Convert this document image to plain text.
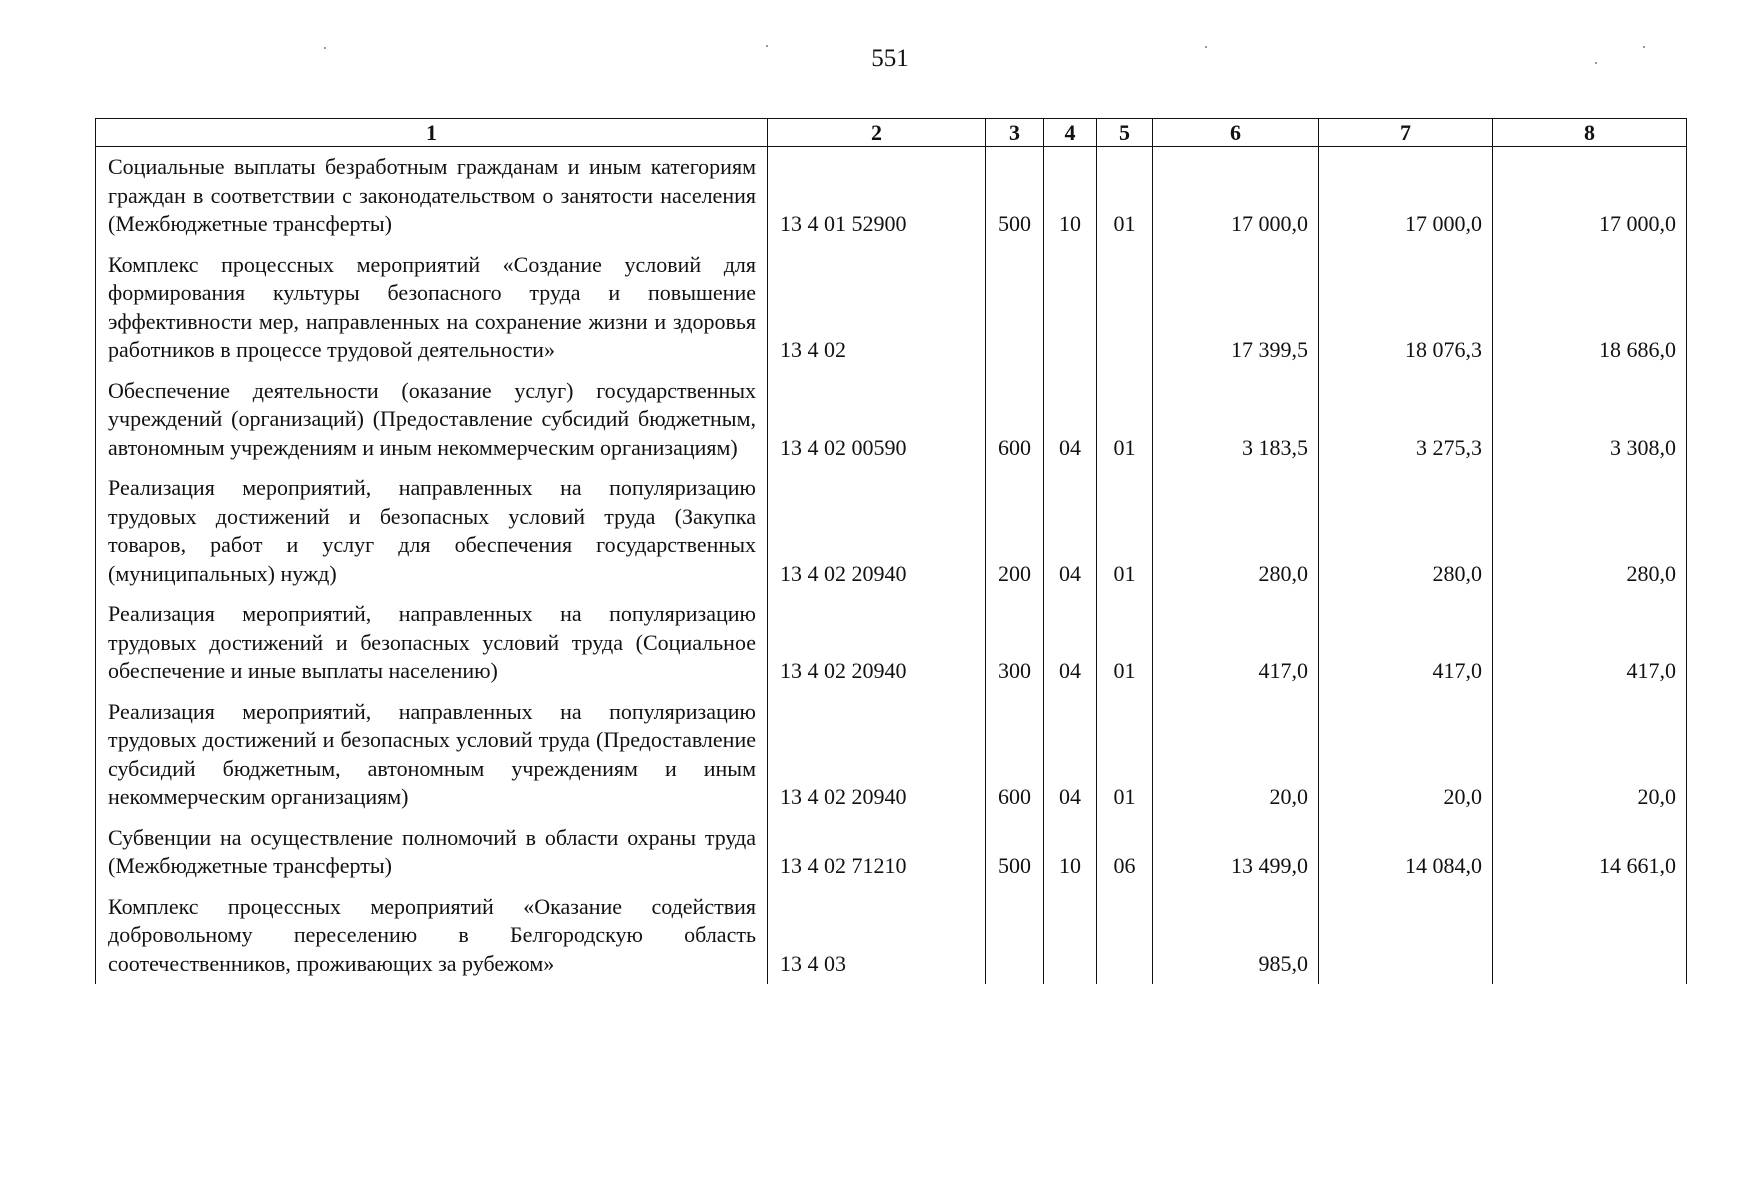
551
1	2	3	4	5	6	7	8
Социальные выплаты безработным гражданам и иным категориям граждан в соответствии с законодательством о занятости населения (Межбюджетные трансферты)	13 4 01 52900	500	10	01	17 000,0	17 000,0	17 000,0
Комплекс процессных мероприятий «Создание условий для формирования культуры безопасного труда и повышение эффективности мер, направленных на сохранение жизни и здоровья работников в процессе трудовой деятельности»	13 4 02				17 399,5	18 076,3	18 686,0
Обеспечение деятельности (оказание услуг) государственных учреждений (организаций) (Предоставление субсидий бюджетным, автономным учреждениям и иным некоммерческим организациям)	13 4 02 00590	600	04	01	3 183,5	3 275,3	3 308,0
Реализация мероприятий, направленных на популяризацию трудовых достижений и безопасных условий труда (Закупка товаров, работ и услуг для обеспечения государственных (муниципальных) нужд)	13 4 02 20940	200	04	01	280,0	280,0	280,0
Реализация мероприятий, направленных на популяризацию трудовых достижений и безопасных условий труда (Социальное обеспечение и иные выплаты населению)	13 4 02 20940	300	04	01	417,0	417,0	417,0
Реализация мероприятий, направленных на популяризацию трудовых достижений и безопасных условий труда (Предоставление субсидий бюджетным, автономным учреждениям и иным некоммерческим организациям)	13 4 02 20940	600	04	01	20,0	20,0	20,0
Субвенции на осуществление полномочий в области охраны труда (Межбюджетные трансферты)	13 4 02 71210	500	10	06	13 499,0	14 084,0	14 661,0
Комплекс процессных мероприятий «Оказание содействия добровольному переселению в Белгородскую область соотечественников, проживающих за рубежом»	13 4 03				985,0		
